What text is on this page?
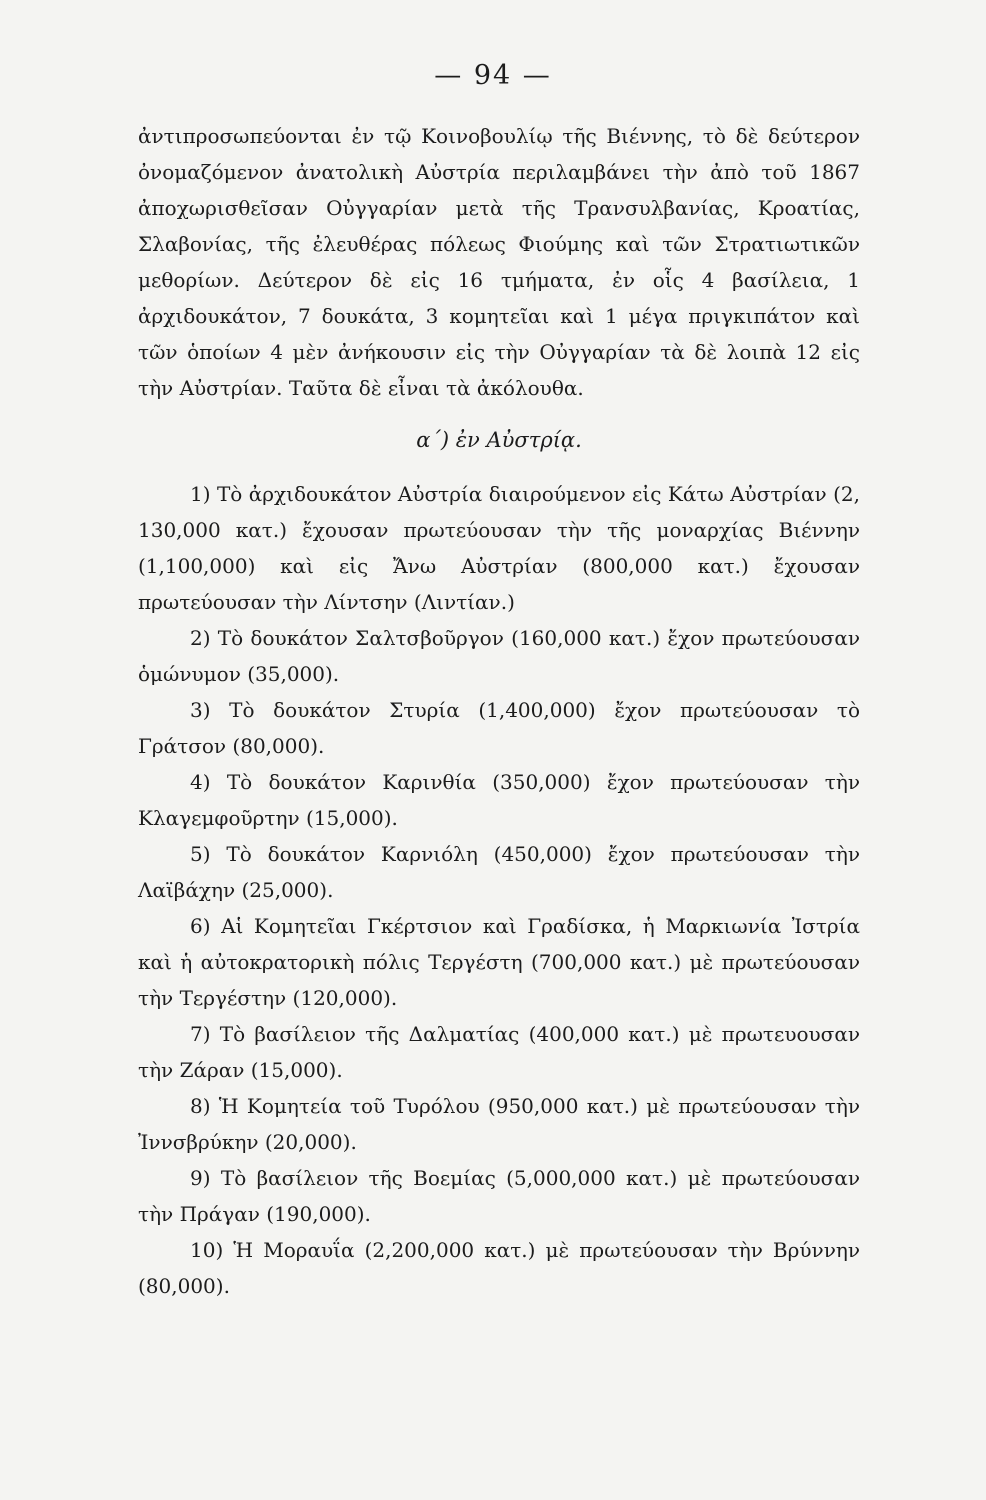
— 94 —

ἀντιπροσωπεύονται ἐν τῷ Κοινοβουλίῳ τῆς Βιέννης, τὸ δὲ δεύτερον ὀνομαζόμενον ἀνατολικὴ Αὐστρία περιλαμβάνει τὴν ἀπὸ τοῦ 1867 ἀποχωρισθεῖσαν Οὐγγαρίαν μετὰ τῆς Τρανσυλβανίας, Κροατίας, Σλαβονίας, τῆς ἐλευθέρας πόλεως Φιούμης καὶ τῶν Στρατιωτικῶν μεθορίων. Δεύτερον δὲ εἰς 16 τμήματα, ἐν οἷς 4 βασίλεια, 1 ἀρχιδουκάτον, 7 δουκάτα, 3 κομητεῖαι καὶ 1 μέγα πριγκιπάτον καὶ τῶν ὁποίων 4 μὲν ἀνήκουσιν εἰς τὴν Οὐγγαρίαν τὰ δὲ λοιπὰ 12 εἰς τὴν Αὐστρίαν. Ταῦτα δὲ εἶναι τὰ ἀκόλουθα.

α΄) ἐν Αὐστρίᾳ.

1) Τὸ ἀρχιδουκάτον Αὐστρία διαιρούμενον εἰς Κάτω Αὐστρίαν (2, 130,000 κατ.) ἔχουσαν πρωτεύουσαν τὴν τῆς μοναρχίας Βιέννην (1,100,000) καὶ εἰς Ἄνω Αὐστρίαν (800,000 κατ.) ἔχουσαν πρωτεύουσαν τὴν Λίντσην (Λιντίαν.)

2) Τὸ δουκάτον Σαλτσβοῦργον (160,000 κατ.) ἔχον πρωτεύουσαν ὁμώνυμον (35,000).

3) Τὸ δουκάτον Στυρία (1,400,000) ἔχον πρωτεύουσαν τὸ Γράτσον (80,000).

4) Τὸ δουκάτον Καρινθία (350,000) ἔχον πρωτεύουσαν τὴν Κλαγεμφοῦρτην (15,000).

5) Τὸ δουκάτον Καρνιόλη (450,000) ἔχον πρωτεύουσαν τὴν Λαϊβάχην (25,000).

6) Αἱ Κομητεῖαι Γκέρτσιον καὶ Γραδίσκα, ἡ Μαρκιωνία Ἰστρία καὶ ἡ αὐτοκρατορικὴ πόλις Τεργέστη (700,000 κατ.) μὲ πρωτεύουσαν τὴν Τεργέστην (120,000).

7) Τὸ βασίλειον τῆς Δαλματίας (400,000 κατ.) μὲ πρωτευουσαν τὴν Ζάραν (15,000).

8) Ἡ Κομητεία τοῦ Τυρόλου (950,000 κατ.) μὲ πρωτεύουσαν τὴν Ἰννσβρύκην (20,000).

9) Τὸ βασίλειον τῆς Βοεμίας (5,000,000 κατ.) μὲ πρωτεύουσαν τὴν Πράγαν (190,000).

10) Ἡ Μοραυΐα (2,200,000 κατ.) μὲ πρωτεύουσαν τὴν Βρύννην (80,000).
